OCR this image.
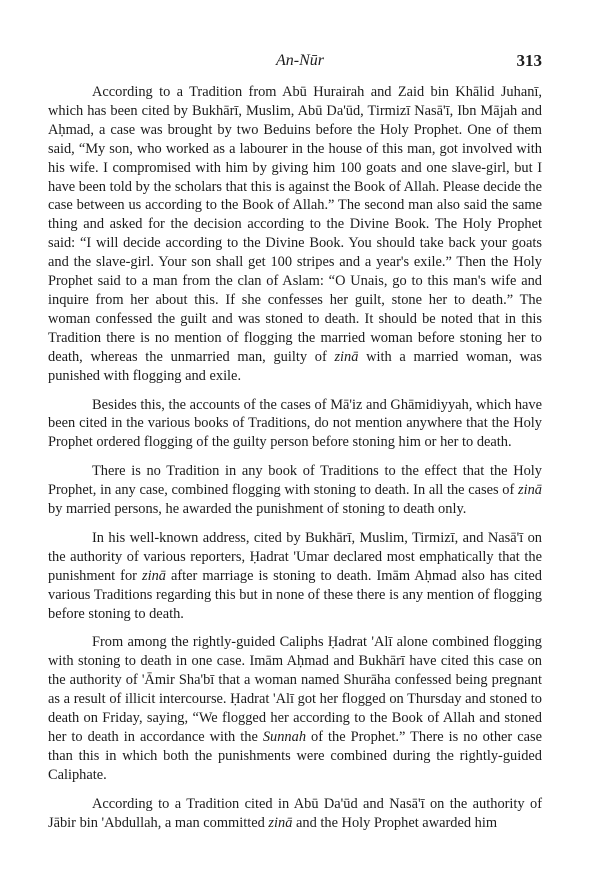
An-Nūr	313

According to a Tradition from Abū Hurairah and Zaid bin Khālid Juhanī, which has been cited by Bukhārī, Muslim, Abū Da'ūd, Tirmizī Nasā'ī, Ibn Mājah and Aḥmad, a case was brought by two Beduins before the Holy Prophet. One of them said, “My son, who worked as a labourer in the house of this man, got involved with his wife. I compromised with him by giving him 100 goats and one slave-girl, but I have been told by the scholars that this is against the Book of Allah. Please decide the case between us according to the Book of Allah.” The second man also said the same thing and asked for the decision according to the Divine Book. The Holy Prophet said: “I will decide according to the Divine Book. You should take back your goats and the slave-girl. Your son shall get 100 stripes and a year's exile.” Then the Holy Prophet said to a man from the clan of Aslam: “O Unais, go to this man's wife and inquire from her about this. If she confesses her guilt, stone her to death.” The woman confessed the guilt and was stoned to death. It should be noted that in this Tradition there is no mention of flogging the married woman before stoning her to death, whereas the unmarried man, guilty of zinā with a married woman, was punished with flogging and exile.

Besides this, the accounts of the cases of Mā'iz and Ghāmidiyyah, which have been cited in the various books of Traditions, do not mention anywhere that the Holy Prophet ordered flogging of the guilty person before stoning him or her to death.

There is no Tradition in any book of Traditions to the effect that the Holy Prophet, in any case, combined flogging with stoning to death. In all the cases of zinā by married persons, he awarded the punishment of stoning to death only.

In his well-known address, cited by Bukhārī, Muslim, Tirmizī, and Nasā'ī on the authority of various reporters, Ḥadrat 'Umar declared most emphatically that the punishment for zinā after marriage is stoning to death. Imām Aḥmad also has cited various Traditions regarding this but in none of these there is any mention of flogging before stoning to death.

From among the rightly-guided Caliphs Ḥadrat 'Alī alone combined flogging with stoning to death in one case. Imām Aḥmad and Bukhārī have cited this case on the authority of 'Āmir Sha'bī that a woman named Shurāha confessed being pregnant as a result of illicit intercourse. Ḥadrat 'Alī got her flogged on Thursday and stoned to death on Friday, saying, “We flogged her according to the Book of Allah and stoned her to death in accordance with the Sunnah of the Prophet.” There is no other case than this in which both the punishments were combined during the rightly-guided Caliphate.

According to a Tradition cited in Abū Da'ūd and Nasā'ī on the authority of Jābir bin 'Abdullah, a man committed zinā and the Holy Prophet awarded him
